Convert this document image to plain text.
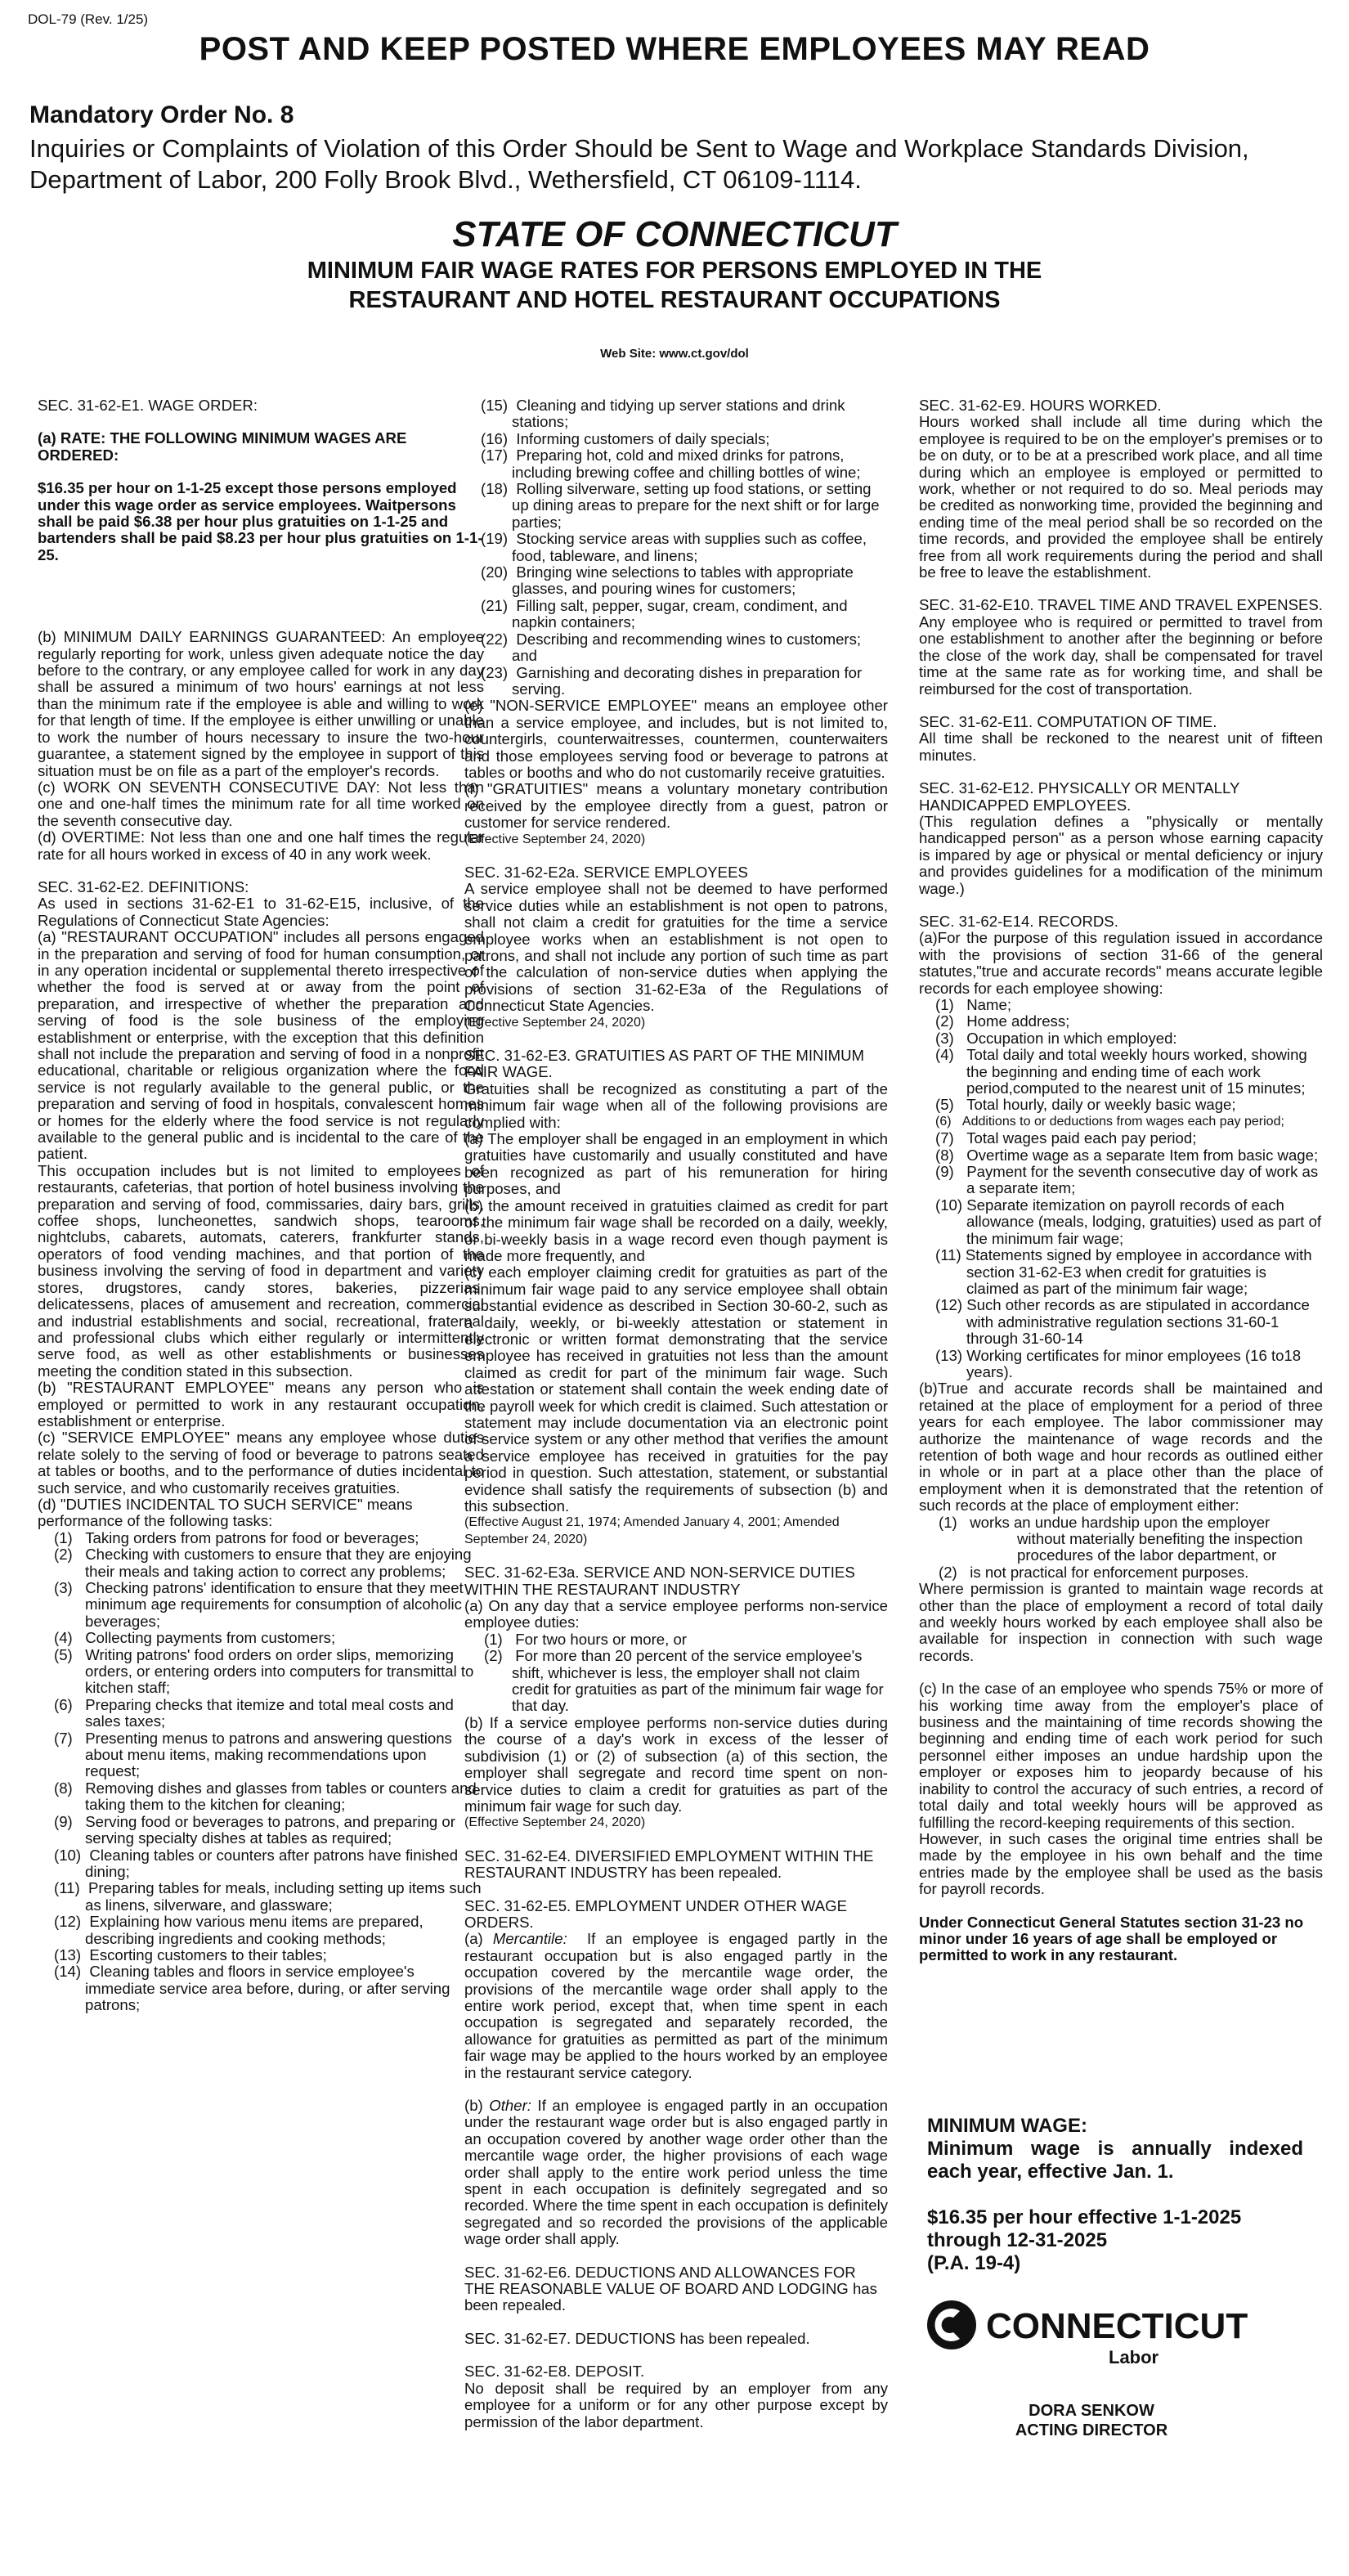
DOL-79 (Rev. 1/25)
POST AND KEEP POSTED WHERE EMPLOYEES MAY READ
Mandatory Order No. 8
Inquiries or Complaints of Violation of this Order Should be Sent to Wage and Workplace Standards Division, Department of Labor, 200 Folly Brook Blvd., Wethersfield, CT 06109-1114.
STATE OF CONNECTICUT
MINIMUM FAIR WAGE RATES FOR PERSONS EMPLOYED IN THE
RESTAURANT AND HOTEL RESTAURANT OCCUPATIONS
Web Site: www.ct.gov/dol

SEC. 31-62-E1. WAGE ORDER:

(a) RATE: THE FOLLOWING MINIMUM WAGES ARE ORDERED:

$16.35 per hour on 1-1-25 except those persons employed under this wage order as service employees. Waitpersons shall be paid $6.38 per hour plus gratuities on 1-1-25 and bartenders shall be paid $8.23 per hour plus gratuities on 1-1-25.

(b) MINIMUM DAILY EARNINGS GUARANTEED: An employee regularly reporting for work, unless given adequate notice the day before to the contrary, or any employee called for work in any day shall be assured a minimum of two hours' earnings at not less than the minimum rate if the employee is able and willing to work for that length of time. If the employee is either unwilling or unable to work the number of hours necessary to insure the two-hour guarantee, a statement signed by the employee in support of this situation must be on file as a part of the employer's records.

(c) WORK ON SEVENTH CONSECUTIVE DAY: Not less than one and one-half times the minimum rate for all time worked on the seventh consecutive day.

(d) OVERTIME: Not less than one and one half times the regular rate for all hours worked in excess of 40 in any work week.

SEC. 31-62-E2. DEFINITIONS:

As used in sections 31-62-E1 to 31-62-E15, inclusive, of the Regulations of Connecticut State Agencies:

(a) "RESTAURANT OCCUPATION" includes all persons engaged in the preparation and serving of food for human consumption, or in any operation incidental or supplemental thereto irrespective of whether the food is served at or away from the point of preparation, and irrespective of whether the preparation and serving of food is the sole business of the employing establishment or enterprise, with the exception that this definition shall not include the preparation and serving of food in a nonprofit educational, charitable or religious organization where the food service is not regularly available to the general public, or the preparation and serving of food in hospitals, convalescent homes or homes for the elderly where the food service is not regularly available to the general public and is incidental to the care of the patient.

This occupation includes but is not limited to employees of restaurants, cafeterias, that portion of hotel business involving the preparation and serving of food, commissaries, dairy bars, grills, coffee shops, luncheonettes, sandwich shops, tearooms, nightclubs, cabarets, automats, caterers, frankfurter stands, operators of food vending machines, and that portion of the business involving the serving of food in department and variety stores, drugstores, candy stores, bakeries, pizzerias, delicatessens, places of amusement and recreation, commercial and industrial establishments and social, recreational, fraternal and professional clubs which either regularly or intermittently serve food, as well as other establishments or businesses meeting the condition stated in this subsection.

(b) "RESTAURANT EMPLOYEE" means any person who is employed or permitted to work in any restaurant occupation, establishment or enterprise.

(c) "SERVICE EMPLOYEE" means any employee whose duties relate solely to the serving of food or beverage to patrons seated at tables or booths, and to the performance of duties incidental to such service, and who customarily receives gratuities.

(d) "DUTIES INCIDENTAL TO SUCH SERVICE" means performance of the following tasks:

(1) Taking orders from patrons for food or beverages;

(2) Checking with customers to ensure that they are enjoying their meals and taking action to correct any problems;

(3) Checking patrons' identification to ensure that they meet minimum age requirements for consumption of alcoholic beverages;

(4) Collecting payments from customers;

(5) Writing patrons' food orders on order slips, memorizing orders, or entering orders into computers for transmittal to kitchen staff;

(6) Preparing checks that itemize and total meal costs and sales taxes;

(7) Presenting menus to patrons and answering questions about menu items, making recommendations upon request;

(8) Removing dishes and glasses from tables or counters and taking them to the kitchen for cleaning;

(9) Serving food or beverages to patrons, and preparing or serving specialty dishes at tables as required;

(10) Cleaning tables or counters after patrons have finished dining;

(11) Preparing tables for meals, including setting up items such as linens, silverware, and glassware;

(12) Explaining how various menu items are prepared, describing ingredients and cooking methods;

(13) Escorting customers to their tables;

(14) Cleaning tables and floors in service employee's immediate service area before, during, or after serving patrons;

(15) Cleaning and tidying up server stations and drink stations;

(16) Informing customers of daily specials;

(17) Preparing hot, cold and mixed drinks for patrons, including brewing coffee and chilling bottles of wine;

(18) Rolling silverware, setting up food stations, or setting up dining areas to prepare for the next shift or for large parties;

(19) Stocking service areas with supplies such as coffee, food, tableware, and linens;

(20) Bringing wine selections to tables with appropriate glasses, and pouring wines for customers;

(21) Filling salt, pepper, sugar, cream, condiment, and napkin containers;

(22) Describing and recommending wines to customers; and

(23) Garnishing and decorating dishes in preparation for serving.

(e) "NON-SERVICE EMPLOYEE" means an employee other than a service employee, and includes, but is not limited to, countergirls, counterwaitresses, countermen, counterwaiters and those employees serving food or beverage to patrons at tables or booths and who do not customarily receive gratuities.

(f) "GRATUITIES" means a voluntary monetary contribution received by the employee directly from a guest, patron or customer for service rendered.

(Effective September 24, 2020)

SEC. 31-62-E2a. SERVICE EMPLOYEES

A service employee shall not be deemed to have performed service duties while an establishment is not open to patrons, shall not claim a credit for gratuities for the time a service employee works when an establishment is not open to patrons, and shall not include any portion of such time as part of the calculation of non-service duties when applying the provisions of section 31-62-E3a of the Regulations of Connecticut State Agencies.

(Effective September 24, 2020)

SEC. 31-62-E3. GRATUITIES AS PART OF THE MINIMUM FAIR WAGE.

Gratuities shall be recognized as constituting a part of the minimum fair wage when all of the following provisions are complied with:

(a) The employer shall be engaged in an employment in which gratuities have customarily and usually constituted and have been recognized as part of his remuneration for hiring purposes, and

(b) the amount received in gratuities claimed as credit for part of the minimum fair wage shall be recorded on a daily, weekly, or bi-weekly basis in a wage record even though payment is made more frequently, and

(c) each employer claiming credit for gratuities as part of the minimum fair wage paid to any service employee shall obtain substantial evidence as described in Section 30-60-2, such as a daily, weekly, or bi-weekly attestation or statement in electronic or written format demonstrating that the service employee has received in gratuities not less than the amount claimed as credit for part of the minimum fair wage. Such attestation or statement shall contain the week ending date of the payroll week for which credit is claimed. Such attestation or statement may include documentation via an electronic point of service system or any other method that verifies the amount a service employee has received in gratuities for the pay period in question. Such attestation, statement, or substantial evidence shall satisfy the requirements of subsection (b) and this subsection.

(Effective August 21, 1974; Amended January 4, 2001; Amended September 24, 2020)

SEC. 31-62-E3a. SERVICE AND NON-SERVICE DUTIES WITHIN THE RESTAURANT INDUSTRY

(a) On any day that a service employee performs non-service employee duties:

(1) For two hours or more, or

(2) For more than 20 percent of the service employee's shift, whichever is less, the employer shall not claim credit for gratuities as part of the minimum fair wage for that day.

(b) If a service employee performs non-service duties during the course of a day's work in excess of the lesser of subdivision (1) or (2) of subsection (a) of this section, the employer shall segregate and record time spent on non-service duties to claim a credit for gratuities as part of the minimum fair wage for such day.

(Effective September 24, 2020)

SEC. 31-62-E4. DIVERSIFIED EMPLOYMENT WITHIN THE RESTAURANT INDUSTRY has been repealed.

SEC. 31-62-E5. EMPLOYMENT UNDER OTHER WAGE ORDERS.

(a) Mercantile: If an employee is engaged partly in the restaurant occupation but is also engaged partly in the occupation covered by the mercantile wage order, the provisions of the mercantile wage order shall apply to the entire work period, except that, when time spent in each occupation is segregated and separately recorded, the allowance for gratuities as permitted as part of the minimum fair wage may be applied to the hours worked by an employee in the restaurant service category.

(b) Other: If an employee is engaged partly in an occupation under the restaurant wage order but is also engaged partly in an occupation covered by another wage order other than the mercantile wage order, the higher provisions of each wage order shall apply to the entire work period unless the time spent in each occupation is definitely segregated and so recorded. Where the time spent in each occupation is definitely segregated and so recorded the provisions of the applicable wage order shall apply.

SEC. 31-62-E6. DEDUCTIONS AND ALLOWANCES FOR THE REASONABLE VALUE OF BOARD AND LODGING has been repealed.

SEC. 31-62-E7. DEDUCTIONS has been repealed.

SEC. 31-62-E8. DEPOSIT.

No deposit shall be required by an employer from any employee for a uniform or for any other purpose except by permission of the labor department.

SEC. 31-62-E9. HOURS WORKED.

Hours worked shall include all time during which the employee is required to be on the employer's premises or to be on duty, or to be at a prescribed work place, and all time during which an employee is employed or permitted to work, whether or not required to do so. Meal periods may be credited as nonworking time, provided the beginning and ending time of the meal period shall be so recorded on the time records, and provided the employee shall be entirely free from all work requirements during the period and shall be free to leave the establishment.

SEC. 31-62-E10. TRAVEL TIME AND TRAVEL EXPENSES.

Any employee who is required or permitted to travel from one establishment to another after the beginning or before the close of the work day, shall be compensated for travel time at the same rate as for working time, and shall be reimbursed for the cost of transportation.

SEC. 31-62-E11. COMPUTATION OF TIME.

All time shall be reckoned to the nearest unit of fifteen minutes.

SEC. 31-62-E12. PHYSICALLY OR MENTALLY HANDICAPPED EMPLOYEES.

(This regulation defines a "physically or mentally handicapped person" as a person whose earning capacity is impared by age or physical or mental deficiency or injury and provides guidelines for a modification of the minimum wage.)

SEC. 31-62-E14. RECORDS.

(a)For the purpose of this regulation issued in accordance with the provisions of section 31-66 of the general statutes,"true and accurate records" means accurate legible records for each employee showing:

(1) Name;

(2) Home address;

(3) Occupation in which employed:

(4) Total daily and total weekly hours worked, showing the beginning and ending time of each work period,computed to the nearest unit of 15 minutes;

(5) Total hourly, daily or weekly basic wage;

(6) Additions to or deductions from wages each pay period;

(7) Total wages paid each pay period;

(8) Overtime wage as a separate Item from basic wage;

(9) Payment for the seventh consecutive day of work as a separate item;

(10) Separate itemization on payroll records of each allowance (meals, lodging, gratuities) used as part of the minimum fair wage;

(11) Statements signed by employee in accordance with section 31-62-E3 when credit for gratuities is claimed as part of the minimum fair wage;

(12) Such other records as are stipulated in accordance with administrative regulation sections 31-60-1 through 31-60-14

(13) Working certificates for minor employees (16 to18 years).

(b)True and accurate records shall be maintained and retained at the place of employment for a period of three years for each employee. The labor commissioner may authorize the maintenance of wage records and the retention of both wage and hour records as outlined either in whole or in part at a place other than the place of employment when it is demonstrated that the retention of such records at the place of employment either:

(1) works an undue hardship upon the employer

without materially benefiting the inspection procedures of the labor department, or

(2) is not practical for enforcement purposes.

Where permission is granted to maintain wage records at other than the place of employment a record of total daily and weekly hours worked by each employee shall also be available for inspection in connection with such wage records.

(c) In the case of an employee who spends 75% or more of his working time away from the employer's place of business and the maintaining of time records showing the beginning and ending time of each work period for such personnel either imposes an undue hardship upon the employer or exposes him to jeopardy because of his inability to control the accuracy of such entries, a record of total daily and total weekly hours will be approved as fulfilling the record-keeping requirements of this section.

However, in such cases the original time entries shall be made by the employee in his own behalf and the time entries made by the employee shall be used as the basis for payroll records.

Under Connecticut General Statutes section 31-23 no minor under 16 years of age shall be employed or permitted to work in any restaurant.

MINIMUM WAGE:

Minimum wage is annually indexed each year, effective Jan. 1.

$16.35 per hour effective 1-1-2025

through 12-31-2025

(P.A. 19-4)

CONNECTICUT
Labor
DORA SENKOW
ACTING DIRECTOR
